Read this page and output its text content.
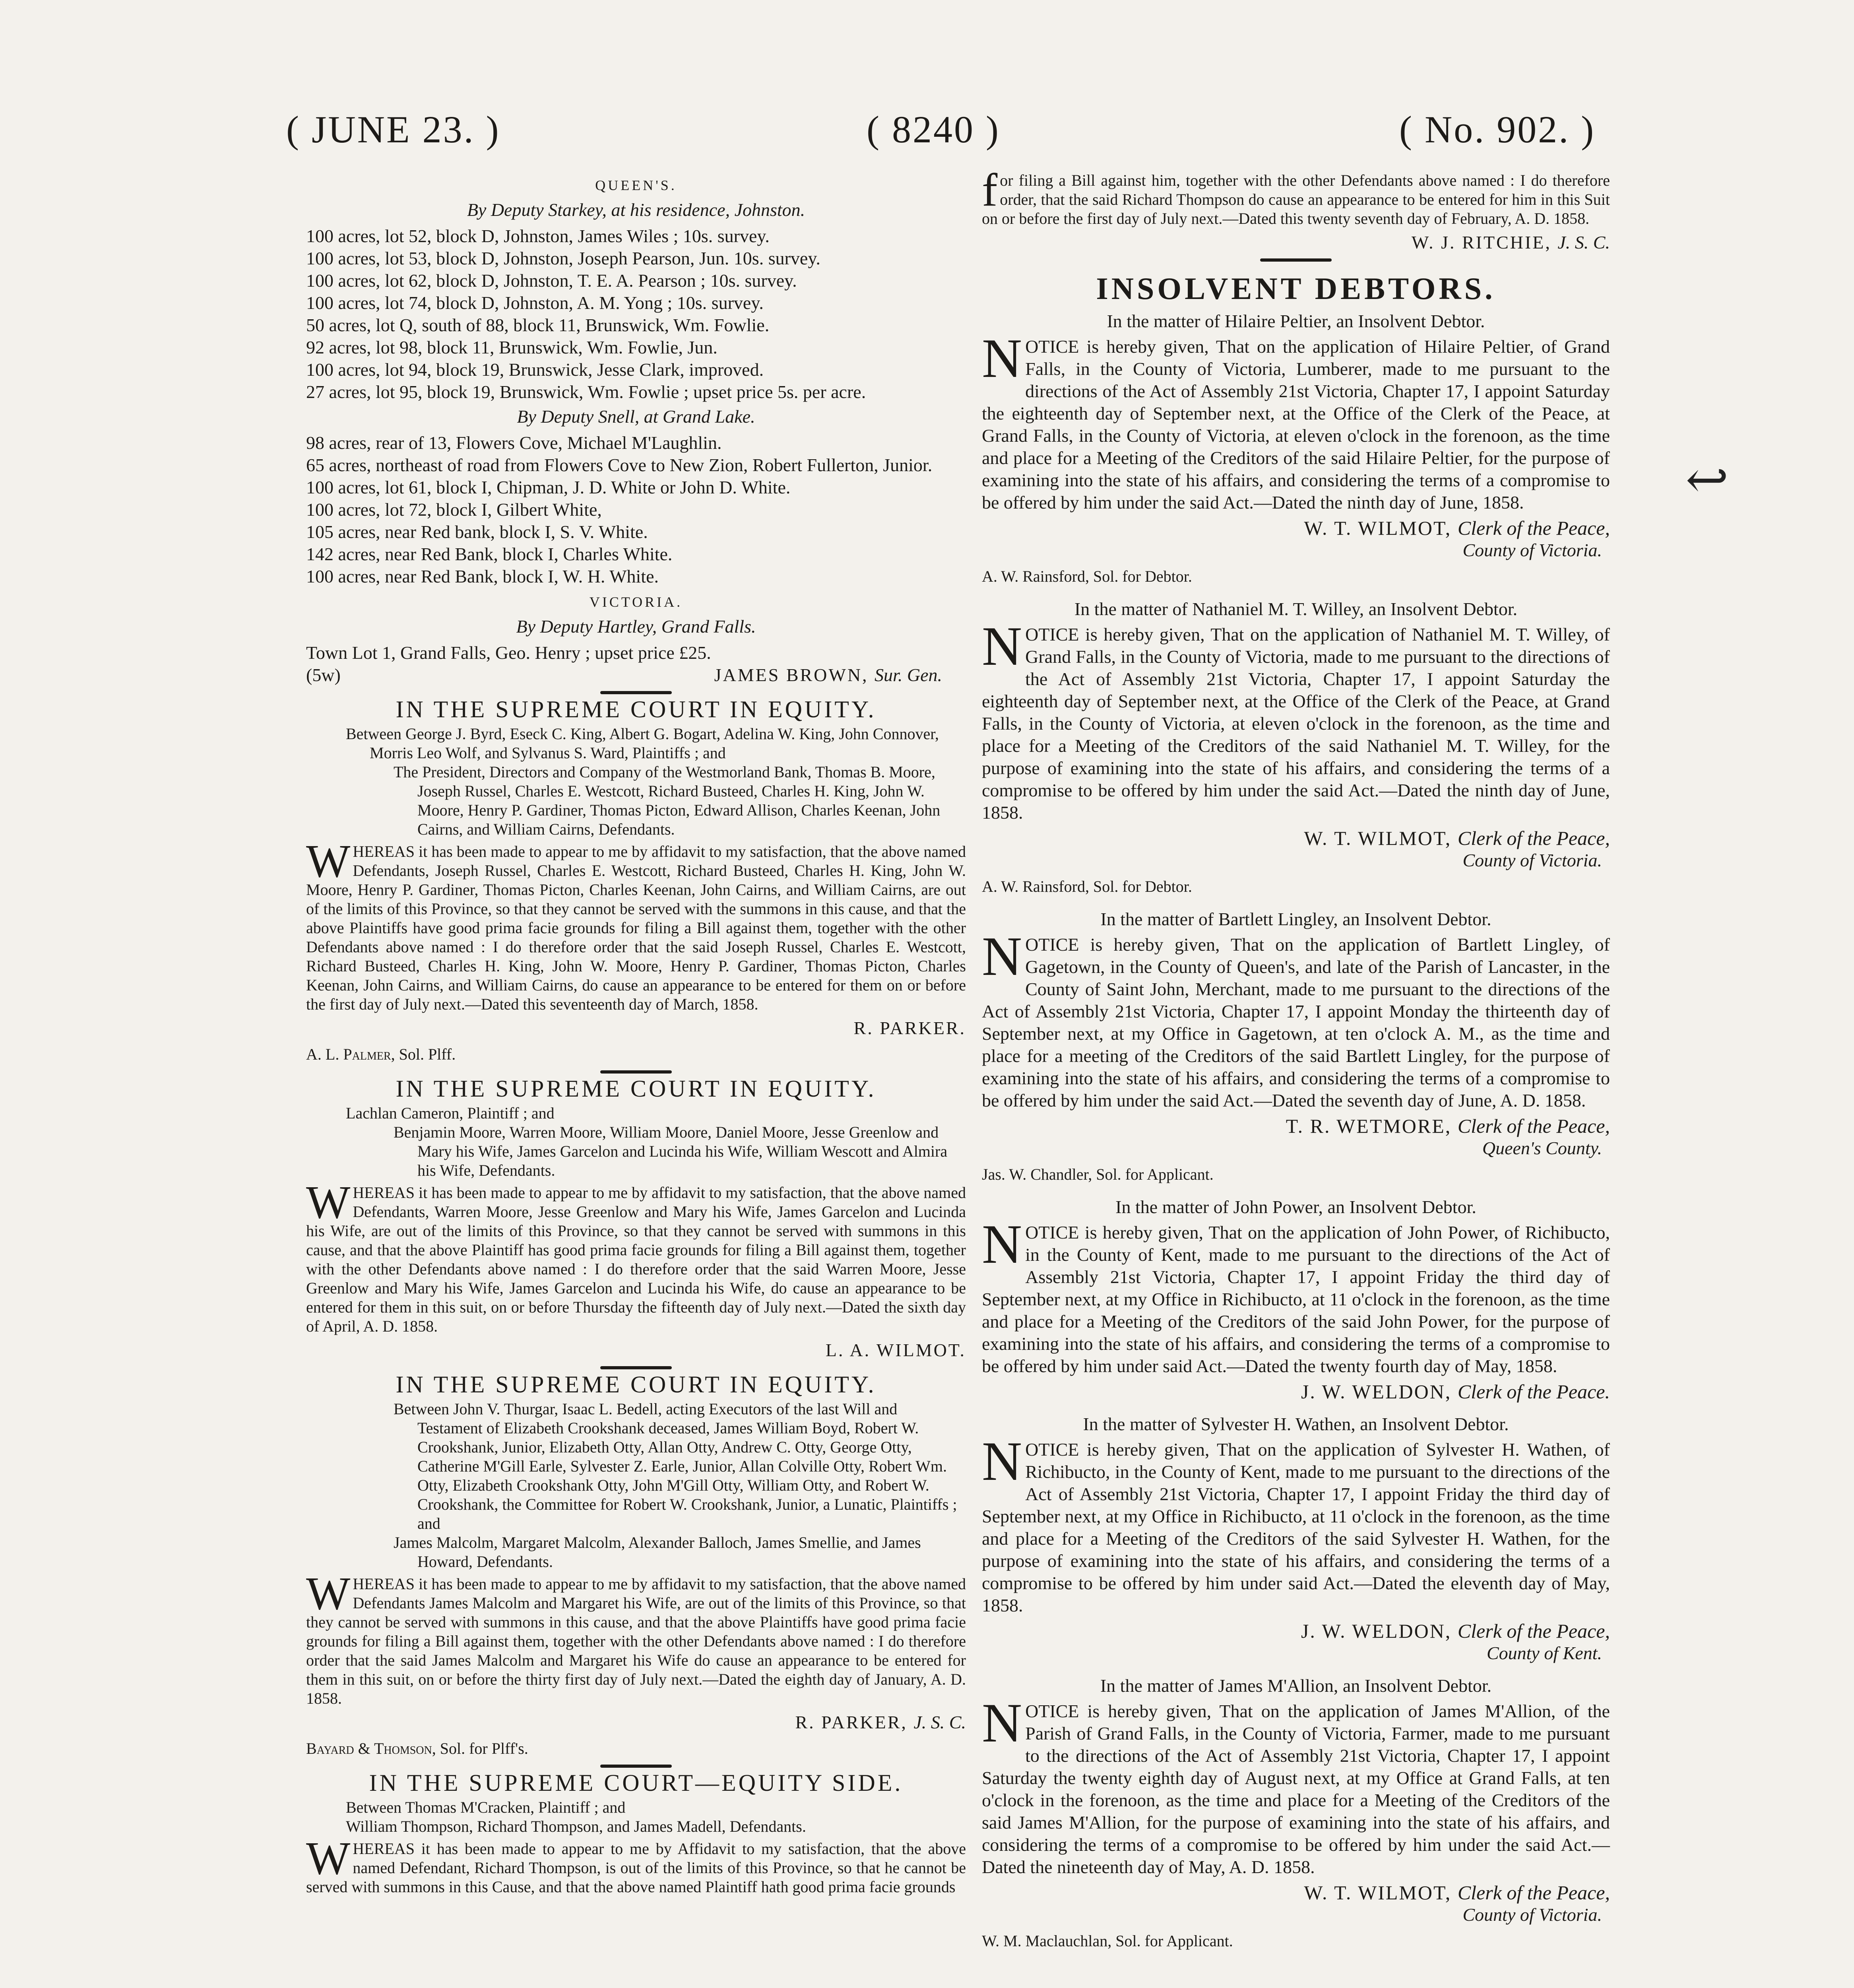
( JUNE 23. )	( 8240 )	( No. 902. )
QUEEN'S.
By Deputy Starkey, at his residence, Johnston.

100 acres, lot 52, block D, Johnston, James Wiles ; 10s. survey.

100 acres, lot 53, block D, Johnston, Joseph Pearson, Jun. 10s. survey.

100 acres, lot 62, block D, Johnston, T. E. A. Pearson ; 10s. survey.

100 acres, lot 74, block D, Johnston, A. M. Yong ; 10s. survey.

50 acres, lot Q, south of 88, block 11, Brunswick, Wm. Fowlie.

92 acres, lot 98, block 11, Brunswick, Wm. Fowlie, Jun.

100 acres, lot 94, block 19, Brunswick, Jesse Clark, improved.

27 acres, lot 95, block 19, Brunswick, Wm. Fowlie ; upset price 5s. per acre.

By Deputy Snell, at Grand Lake.

98 acres, rear of 13, Flowers Cove, Michael M'Laughlin.

65 acres, northeast of road from Flowers Cove to New Zion, Robert Fullerton, Junior.

100 acres, lot 61, block I, Chipman, J. D. White or John D. White.

100 acres, lot 72, block I, Gilbert White,

105 acres, near Red bank, block I, S. V. White.

142 acres, near Red Bank, block I, Charles White.

100 acres, near Red Bank, block I, W. H. White.

VICTORIA.
By Deputy Hartley, Grand Falls.

Town Lot 1, Grand Falls, Geo. Henry ; upset price £25.

(5w)	JAMES BROWN, Sur. Gen.
IN THE SUPREME COURT IN EQUITY.

Between George J. Byrd, Eseck C. King, Albert G. Bogart, Adelina W. King, John Connover, Morris Leo Wolf, and Sylvanus S. Ward, Plaintiffs ; and

The President, Directors and Company of the Westmorland Bank, Thomas B. Moore, Joseph Russel, Charles E. Westcott, Richard Busteed, Charles H. King, John W. Moore, Henry P. Gardiner, Thomas Picton, Edward Allison, Charles Keenan, John Cairns, and William Cairns, Defendants.

WHEREAS it has been made to appear to me by affidavit to my satisfaction, that the above named Defendants, Joseph Russel, Charles E. Westcott, Richard Busteed, Charles H. King, John W. Moore, Henry P. Gardiner, Thomas Picton, Charles Keenan, John Cairns, and William Cairns, are out of the limits of this Province, so that they cannot be served with the summons in this cause, and that the above Plaintiffs have good prima facie grounds for filing a Bill against them, together with the other Defendants above named : I do therefore order that the said Joseph Russel, Charles E. Westcott, Richard Busteed, Charles H. King, John W. Moore, Henry P. Gardiner, Thomas Picton, Charles Keenan, John Cairns, and William Cairns, do cause an appearance to be entered for them on or before the first day of July next.—Dated this seventeenth day of March, 1858.

R. PARKER.

A. L. Palmer, Sol. Plff.

IN THE SUPREME COURT IN EQUITY.

Lachlan Cameron, Plaintiff ; and

Benjamin Moore, Warren Moore, William Moore, Daniel Moore, Jesse Greenlow and Mary his Wife, James Garcelon and Lucinda his Wife, William Wescott and Almira his Wife, Defendants.

WHEREAS it has been made to appear to me by affidavit to my satisfaction, that the above named Defendants, Warren Moore, Jesse Greenlow and Mary his Wife, James Garcelon and Lucinda his Wife, are out of the limits of this Province, so that they cannot be served with summons in this cause, and that the above Plaintiff has good prima facie grounds for filing a Bill against them, together with the other Defendants above named : I do therefore order that the said Warren Moore, Jesse Greenlow and Mary his Wife, James Garcelon and Lucinda his Wife, do cause an appearance to be entered for them in this suit, on or before Thursday the fifteenth day of July next.—Dated the sixth day of April, A. D. 1858.

L. A. WILMOT.
IN THE SUPREME COURT IN EQUITY.

Between John V. Thurgar, Isaac L. Bedell, acting Executors of the last Will and Testament of Elizabeth Crookshank deceased, James William Boyd, Robert W. Crookshank, Junior, Elizabeth Otty, Allan Otty, Andrew C. Otty, George Otty, Catherine M'Gill Earle, Sylvester Z. Earle, Junior, Allan Colville Otty, Robert Wm. Otty, Elizabeth Crookshank Otty, John M'Gill Otty, William Otty, and Robert W. Crookshank, the Committee for Robert W. Crookshank, Junior, a Lunatic, Plaintiffs ; and

James Malcolm, Margaret Malcolm, Alexander Balloch, James Smellie, and James Howard, Defendants.

WHEREAS it has been made to appear to me by affidavit to my satisfaction, that the above named Defendants James Malcolm and Margaret his Wife, are out of the limits of this Province, so that they cannot be served with summons in this cause, and that the above Plaintiffs have good prima facie grounds for filing a Bill against them, together with the other Defendants above named : I do therefore order that the said James Malcolm and Margaret his Wife do cause an appearance to be entered for them in this suit, on or before the thirty first day of July next.—Dated the eighth day of January, A. D. 1858.

R. PARKER, J. S. C.

Bayard & Thomson, Sol. for Plff's.

IN THE SUPREME COURT—EQUITY SIDE.

Between Thomas M'Cracken, Plaintiff ; and

William Thompson, Richard Thompson, and James Madell, Defendants.

WHEREAS it has been made to appear to me by Affidavit to my satisfaction, that the above named Defendant, Richard Thompson, is out of the limits of this Province, so that he cannot be served with summons in this Cause, and that the above named Plaintiff hath good prima facie grounds

for filing a Bill against him, together with the other Defendants above named : I do therefore order, that the said Richard Thompson do cause an appearance to be entered for him in this Suit on or before the first day of July next.—Dated this twenty seventh day of February, A. D. 1858.

W. J. RITCHIE, J. S. C.
INSOLVENT DEBTORS.
In the matter of Hilaire Peltier, an Insolvent Debtor.

NOTICE is hereby given, That on the application of Hilaire Peltier, of Grand Falls, in the County of Victoria, Lumberer, made to me pursuant to the directions of the Act of Assembly 21st Victoria, Chapter 17, I appoint Saturday the eighteenth day of September next, at the Office of the Clerk of the Peace, at Grand Falls, in the County of Victoria, at eleven o'clock in the forenoon, as the time and place for a Meeting of the Creditors of the said Hilaire Peltier, for the purpose of examining into the state of his affairs, and considering the terms of a compromise to be offered by him under the said Act.—Dated the ninth day of June, 1858.

W. T. WILMOT, Clerk of the Peace,

County of Victoria.

A. W. Rainsford, Sol. for Debtor.

In the matter of Nathaniel M. T. Willey, an Insolvent Debtor.

NOTICE is hereby given, That on the application of Nathaniel M. T. Willey, of Grand Falls, in the County of Victoria, made to me pursuant to the directions of the Act of Assembly 21st Victoria, Chapter 17, I appoint Saturday the eighteenth day of September next, at the Office of the Clerk of the Peace, at Grand Falls, in the County of Victoria, at eleven o'clock in the forenoon, as the time and place for a Meeting of the Creditors of the said Nathaniel M. T. Willey, for the purpose of examining into the state of his affairs, and considering the terms of a compromise to be offered by him under the said Act.—Dated the ninth day of June, 1858.

W. T. WILMOT, Clerk of the Peace,

County of Victoria.

A. W. Rainsford, Sol. for Debtor.

In the matter of Bartlett Lingley, an Insolvent Debtor.

NOTICE is hereby given, That on the application of Bartlett Lingley, of Gagetown, in the County of Queen's, and late of the Parish of Lancaster, in the County of Saint John, Merchant, made to me pursuant to the directions of the Act of Assembly 21st Victoria, Chapter 17, I appoint Monday the thirteenth day of September next, at my Office in Gagetown, at ten o'clock A. M., as the time and place for a meeting of the Creditors of the said Bartlett Lingley, for the purpose of examining into the state of his affairs, and considering the terms of a compromise to be offered by him under the said Act.—Dated the seventh day of June, A. D. 1858.

T. R. WETMORE, Clerk of the Peace,

Queen's County.

Jas. W. Chandler, Sol. for Applicant.

In the matter of John Power, an Insolvent Debtor.

NOTICE is hereby given, That on the application of John Power, of Richibucto, in the County of Kent, made to me pursuant to the directions of the Act of Assembly 21st Victoria, Chapter 17, I appoint Friday the third day of September next, at my Office in Richibucto, at 11 o'clock in the forenoon, as the time and place for a Meeting of the Creditors of the said John Power, for the purpose of examining into the state of his affairs, and considering the terms of a compromise to be offered by him under said Act.—Dated the twenty fourth day of May, 1858.

J. W. WELDON, Clerk of the Peace.
In the matter of Sylvester H. Wathen, an Insolvent Debtor.

NOTICE is hereby given, That on the application of Sylvester H. Wathen, of Richibucto, in the County of Kent, made to me pursuant to the directions of the Act of Assembly 21st Victoria, Chapter 17, I appoint Friday the third day of September next, at my Office in Richibucto, at 11 o'clock in the forenoon, as the time and place for a Meeting of the Creditors of the said Sylvester H. Wathen, for the purpose of examining into the state of his affairs, and considering the terms of a compromise to be offered by him under said Act.—Dated the eleventh day of May, 1858.

J. W. WELDON, Clerk of the Peace,

County of Kent.

In the matter of James M'Allion, an Insolvent Debtor.

NOTICE is hereby given, That on the application of James M'Allion, of the Parish of Grand Falls, in the County of Victoria, Farmer, made to me pursuant to the directions of the Act of Assembly 21st Victoria, Chapter 17, I appoint Saturday the twenty eighth day of August next, at my Office at Grand Falls, at ten o'clock in the forenoon, as the time and place for a Meeting of the Creditors of the said James M'Allion, for the purpose of examining into the state of his affairs, and considering the terms of a compromise to be offered by him under the said Act.—Dated the nineteenth day of May, A. D. 1858.

W. T. WILMOT, Clerk of the Peace,

County of Victoria.

W. M. Maclauchlan, Sol. for Applicant.

↩
